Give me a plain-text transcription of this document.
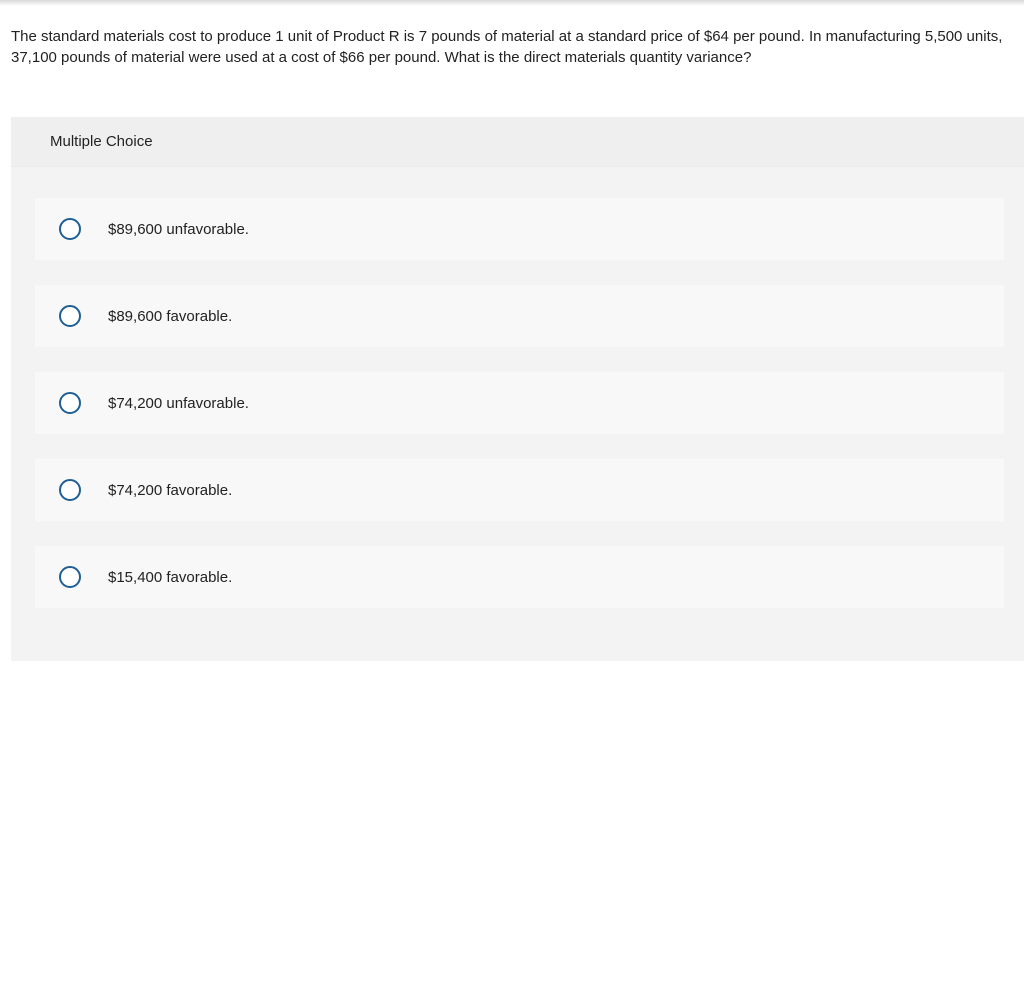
The standard materials cost to produce 1 unit of Product R is 7 pounds of material at a standard price of $64 per pound. In manufacturing 5,500 units, 37,100 pounds of material were used at a cost of $66 per pound. What is the direct materials quantity variance?
Multiple Choice
$89,600 unfavorable.
$89,600 favorable.
$74,200 unfavorable.
$74,200 favorable.
$15,400 favorable.
